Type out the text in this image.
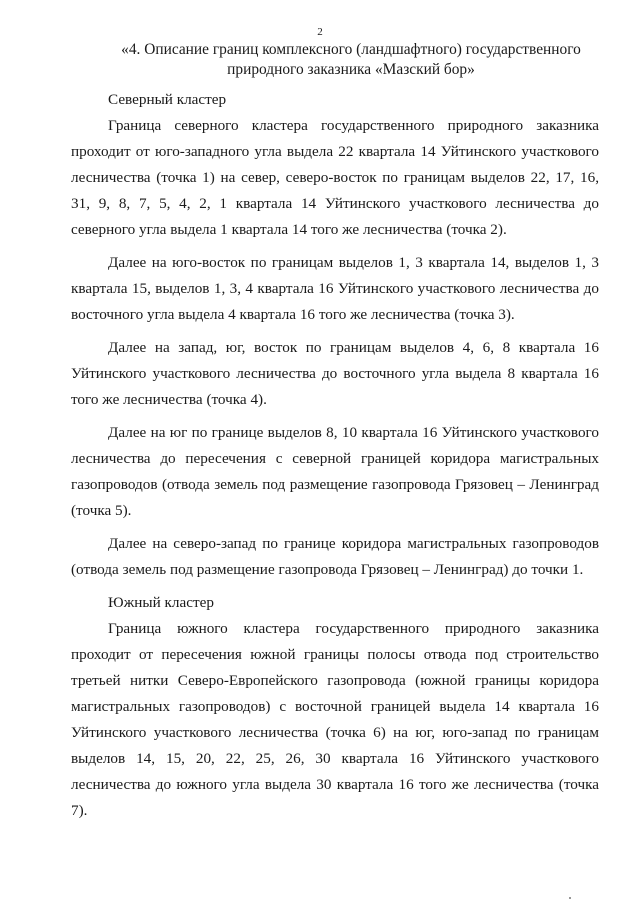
2
«4. Описание границ комплексного (ландшафтного) государственного природного заказника «Мазский бор»

Северный кластер

Граница северного кластера государственного природного заказника проходит от юго-западного угла выдела 22 квартала 14 Уйтинского участкового лесничества (точка 1) на север, северо-восток по границам выделов 22, 17, 16, 31, 9, 8, 7, 5, 4, 2, 1 квартала 14 Уйтинского участкового лесничества до северного угла выдела 1 квартала 14 того же лесничества (точка 2).

Далее на юго-восток по границам выделов 1, 3 квартала 14, выделов 1, 3 квартала 15, выделов 1, 3, 4 квартала 16 Уйтинского участкового лесничества до восточного угла выдела 4 квартала 16 того же лесничества (точка 3).

Далее на запад, юг, восток по границам выделов 4, 6, 8 квартала 16 Уйтинского участкового лесничества до восточного угла выдела 8 квартала 16 того же лесничества (точка 4).

Далее на юг по границе выделов 8, 10 квартала 16 Уйтинского участкового лесничества до пересечения с северной границей коридора магистральных газопроводов (отвода земель под размещение газопровода Грязовец – Ленинград (точка 5).

Далее на северо-запад по границе коридора магистральных газопроводов (отвода земель под размещение газопровода Грязовец – Ленинград) до точки 1.

Южный кластер

Граница южного кластера государственного природного заказника проходит от пересечения южной границы полосы отвода под строительство третьей нитки Северо-Европейского газопровода (южной границы коридора магистральных газопроводов) с восточной границей выдела 14 квартала 16 Уйтинского участкового лесничества (точка 6) на юг, юго-запад по границам выделов 14, 15, 20, 22, 25, 26, 30 квартала 16 Уйтинского участкового лесничества до южного угла выдела 30 квартала 16 того же лесничества (точка 7).
